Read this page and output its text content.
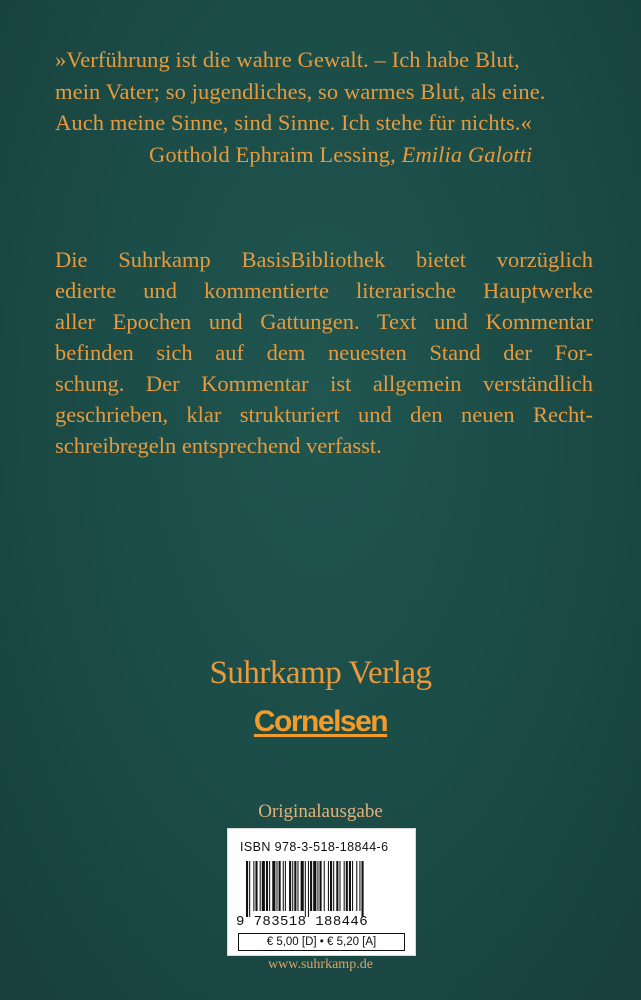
»Verführung ist die wahre Gewalt. – Ich habe Blut,
mein Vater; so jugendliches, so warmes Blut, als eine.
Auch meine Sinne, sind Sinne. Ich stehe für nichts.«
Gotthold Ephraim Lessing, Emilia Galotti
Die Suhrkamp BasisBibliothek bietet vorzüglich
edierte und kommentierte literarische Hauptwerke
aller Epochen und Gattungen. Text und Kommentar
befinden sich auf dem neuesten Stand der For-
schung. Der Kommentar ist allgemein verständlich
geschrieben, klar strukturiert und den neuen Recht-
schreibregeln entsprechend verfasst.
Suhrkamp Verlag
Cornelsen
Originalausgabe
ISBN 978-3-518-18844-6
9 783518 188446
€ 5,00 [D] • € 5,20 [A]
www.suhrkamp.de
